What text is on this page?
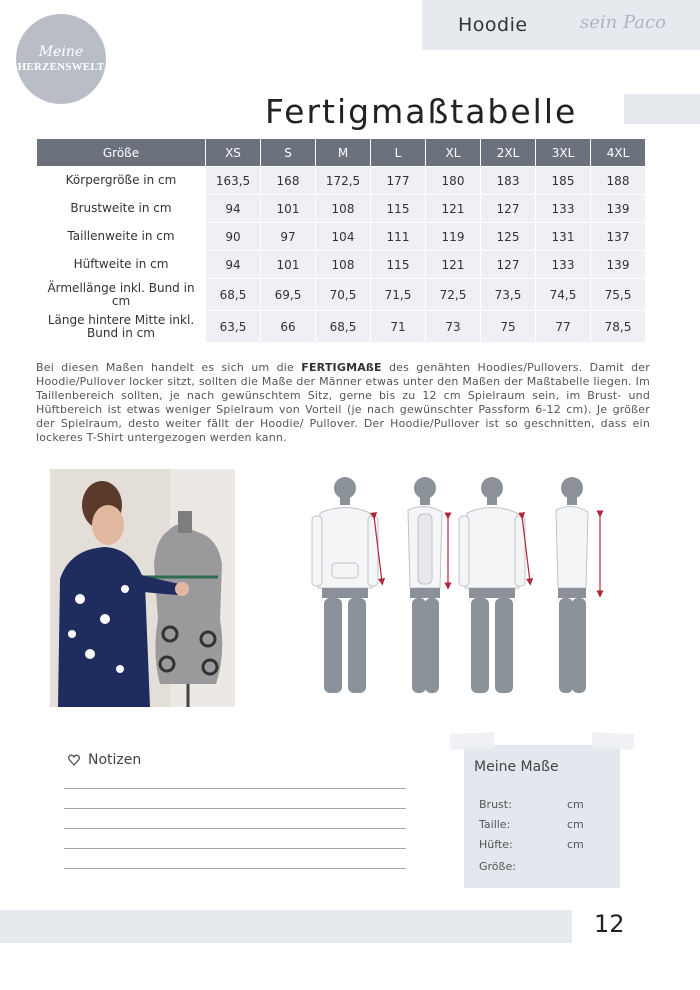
Meine
HERZENSWELT
Hoodie	sein Paco
Fertigmaßtabelle
Größe	XS	S	M	L	XL	2XL	3XL	4XL
Körpergröße in cm	163,5	168	172,5	177	180	183	185	188
Brustweite in cm	94	101	108	115	121	127	133	139
Taillenweite in cm	90	97	104	111	119	125	131	137
Hüftweite in cm	94	101	108	115	121	127	133	139
Ärmellänge inkl. Bund in cm	68,5	69,5	70,5	71,5	72,5	73,5	74,5	75,5
Länge hintere Mitte inkl. Bund in cm	63,5	66	68,5	71	73	75	77	78,5
Bei diesen Maßen handelt es sich um die FERTIGMAßE des genähten Hoodies/Pullovers. Damit der Hoodie/Pullover locker sitzt, sollten die Maße der Männer etwas unter den Maßen der Maßtabelle liegen. Im Taillenbereich sollten, je nach gewünschtem Sitz, gerne bis zu 12 cm Spielraum sein, im Brust- und Hüftbereich ist etwas weniger Spielraum von Vorteil (je nach gewünschter Passform 6-12 cm). Je größer der Spielraum, desto weiter fällt der Hoodie/ Pullover. Der Hoodie/Pullover ist so geschnitten, dass ein lockeres T-Shirt untergezogen werden kann.
Notizen	Meine Maße
Brust:	cm
Taille:	cm
Hüfte:	cm
Größe:
12
